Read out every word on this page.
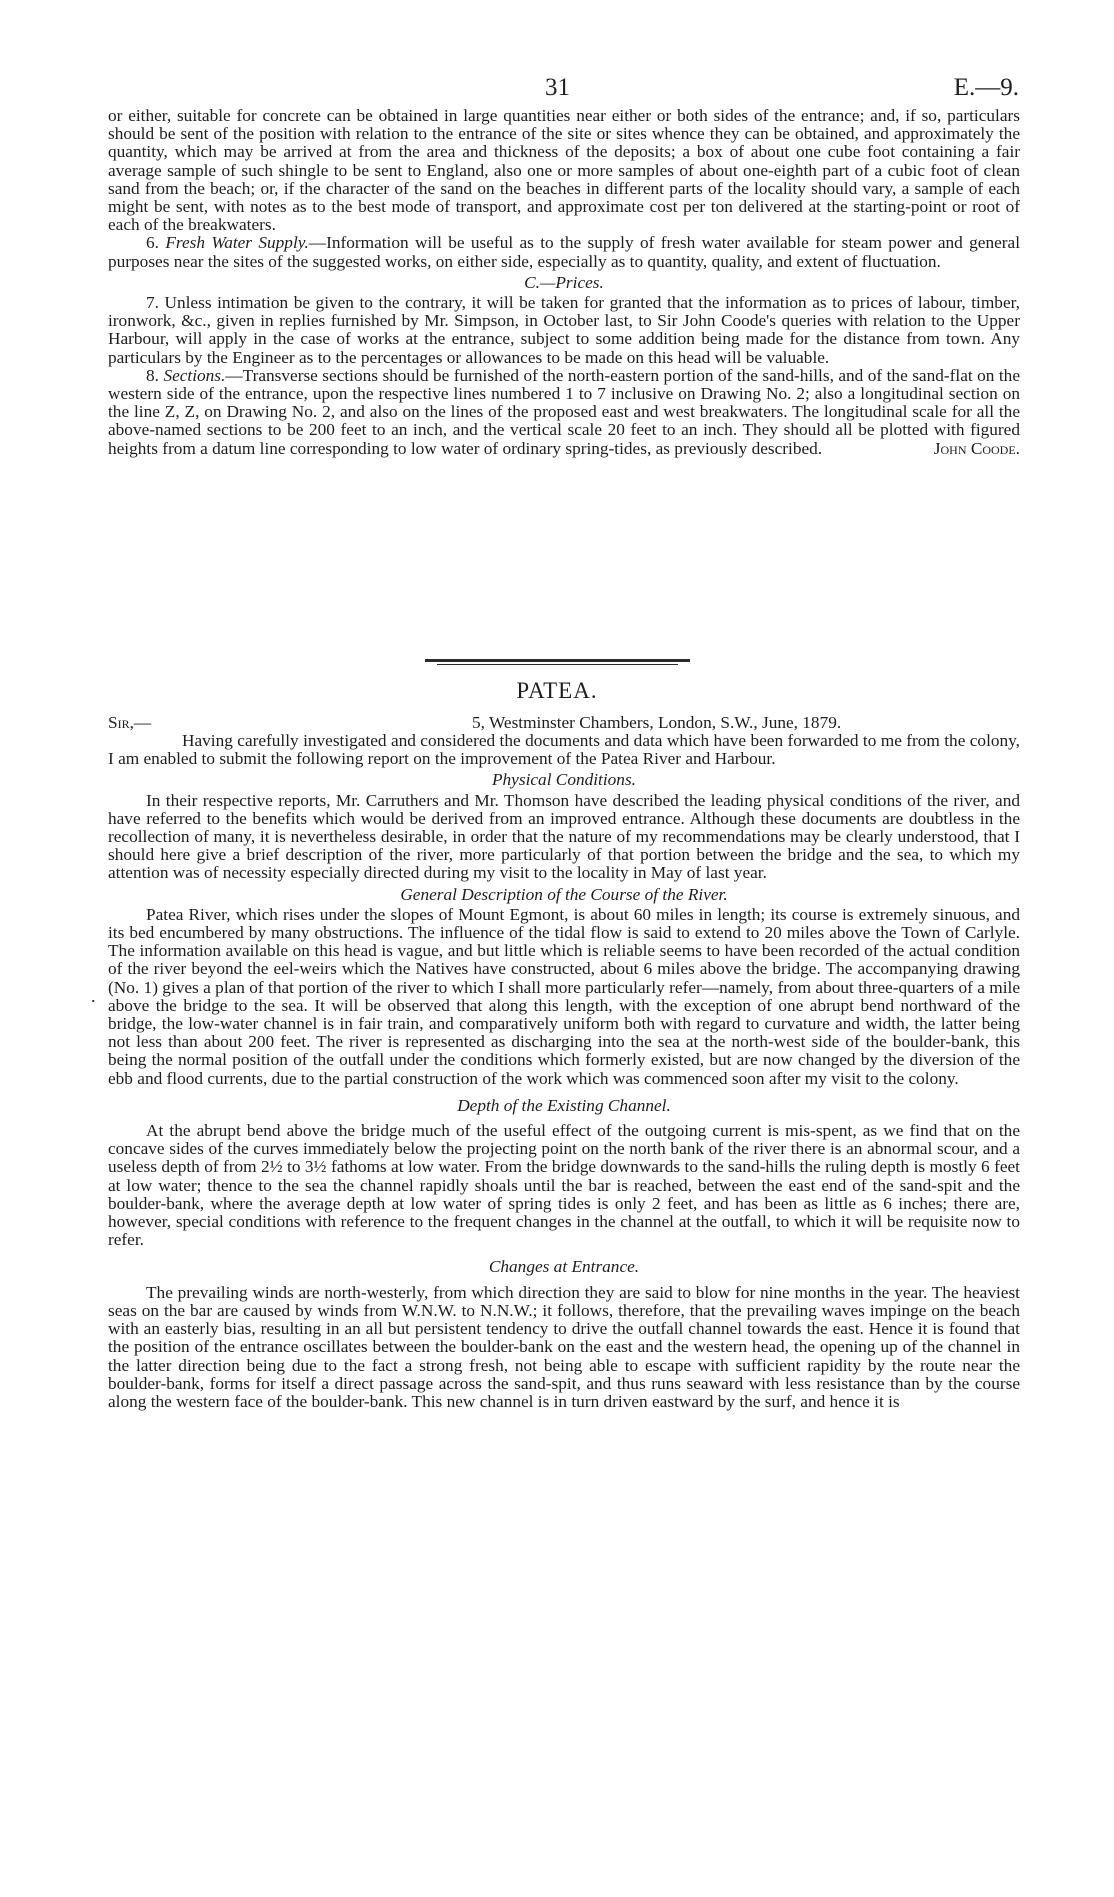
31	E.—9.

or either, suitable for concrete can be obtained in large quantities near either or both sides of the entrance; and, if so, particulars should be sent of the position with relation to the entrance of the site or sites whence they can be obtained, and approximately the quantity, which may be arrived at from the area and thickness of the deposits; a box of about one cube foot containing a fair average sample of such shingle to be sent to England, also one or more samples of about one-eighth part of a cubic foot of clean sand from the beach; or, if the character of the sand on the beaches in different parts of the locality should vary, a sample of each might be sent, with notes as to the best mode of transport, and approximate cost per ton delivered at the starting-point or root of each of the breakwaters.

6. Fresh Water Supply.—Information will be useful as to the supply of fresh water available for steam power and general purposes near the sites of the suggested works, on either side, especially as to quantity, quality, and extent of fluctuation.

C.—Prices.

7. Unless intimation be given to the contrary, it will be taken for granted that the information as to prices of labour, timber, ironwork, &c., given in replies furnished by Mr. Simpson, in October last, to Sir John Coode's queries with relation to the Upper Harbour, will apply in the case of works at the entrance, subject to some addition being made for the distance from town. Any particulars by the Engineer as to the percentages or allowances to be made on this head will be valuable.

8. Sections.—Transverse sections should be furnished of the north-eastern portion of the sand-hills, and of the sand-flat on the western side of the entrance, upon the respective lines numbered 1 to 7 inclusive on Drawing No. 2; also a longitudinal section on the line Z, Z, on Drawing No. 2, and also on the lines of the proposed east and west breakwaters. The longitudinal scale for all the above-named sections to be 200 feet to an inch, and the vertical scale 20 feet to an inch. They should all be plotted with figured heights from a datum line corresponding to low water of ordinary spring-tides, as previously described.	John Coode.

PATEA.
Sir,—	5, Westminster Chambers, London, S.W., June, 1879.
.

Having carefully investigated and considered the documents and data which have been forwarded to me from the colony, I am enabled to submit the following report on the improvement of the Patea River and Harbour.

Physical Conditions.

In their respective reports, Mr. Carruthers and Mr. Thomson have described the leading physical conditions of the river, and have referred to the benefits which would be derived from an improved entrance. Although these documents are doubtless in the recollection of many, it is nevertheless desirable, in order that the nature of my recommendations may be clearly understood, that I should here give a brief description of the river, more particularly of that portion between the bridge and the sea, to which my attention was of necessity especially directed during my visit to the locality in May of last year.

General Description of the Course of the River.

Patea River, which rises under the slopes of Mount Egmont, is about 60 miles in length; its course is extremely sinuous, and its bed encumbered by many obstructions. The influence of the tidal flow is said to extend to 20 miles above the Town of Carlyle. The information available on this head is vague, and but little which is reliable seems to have been recorded of the actual condition of the river beyond the eel-weirs which the Natives have constructed, about 6 miles above the bridge. The accompanying drawing (No. 1) gives a plan of that portion of the river to which I shall more particularly refer—namely, from about three-quarters of a mile above the bridge to the sea. It will be observed that along this length, with the exception of one abrupt bend northward of the bridge, the low-water channel is in fair train, and comparatively uniform both with regard to curvature and width, the latter being not less than about 200 feet. The river is represented as discharging into the sea at the north-west side of the boulder-bank, this being the normal position of the outfall under the conditions which formerly existed, but are now changed by the diversion of the ebb and flood currents, due to the partial construction of the work which was commenced soon after my visit to the colony.

Depth of the Existing Channel.

At the abrupt bend above the bridge much of the useful effect of the outgoing current is mis-spent, as we find that on the concave sides of the curves immediately below the projecting point on the north bank of the river there is an abnormal scour, and a useless depth of from 2½ to 3½ fathoms at low water. From the bridge downwards to the sand-hills the ruling depth is mostly 6 feet at low water; thence to the sea the channel rapidly shoals until the bar is reached, between the east end of the sand-spit and the boulder-bank, where the average depth at low water of spring tides is only 2 feet, and has been as little as 6 inches; there are, however, special conditions with reference to the frequent changes in the channel at the outfall, to which it will be requisite now to refer.

Changes at Entrance.

The prevailing winds are north-westerly, from which direction they are said to blow for nine months in the year. The heaviest seas on the bar are caused by winds from W.N.W. to N.N.W.; it follows, therefore, that the prevailing waves impinge on the beach with an easterly bias, resulting in an all but persistent tendency to drive the outfall channel towards the east. Hence it is found that the position of the entrance oscillates between the boulder-bank on the east and the western head, the opening up of the channel in the latter direction being due to the fact a strong fresh, not being able to escape with sufficient rapidity by the route near the boulder-bank, forms for itself a direct passage across the sand-spit, and thus runs seaward with less resistance than by the course along the western face of the boulder-bank. This new channel is in turn driven eastward by the surf, and hence it is
